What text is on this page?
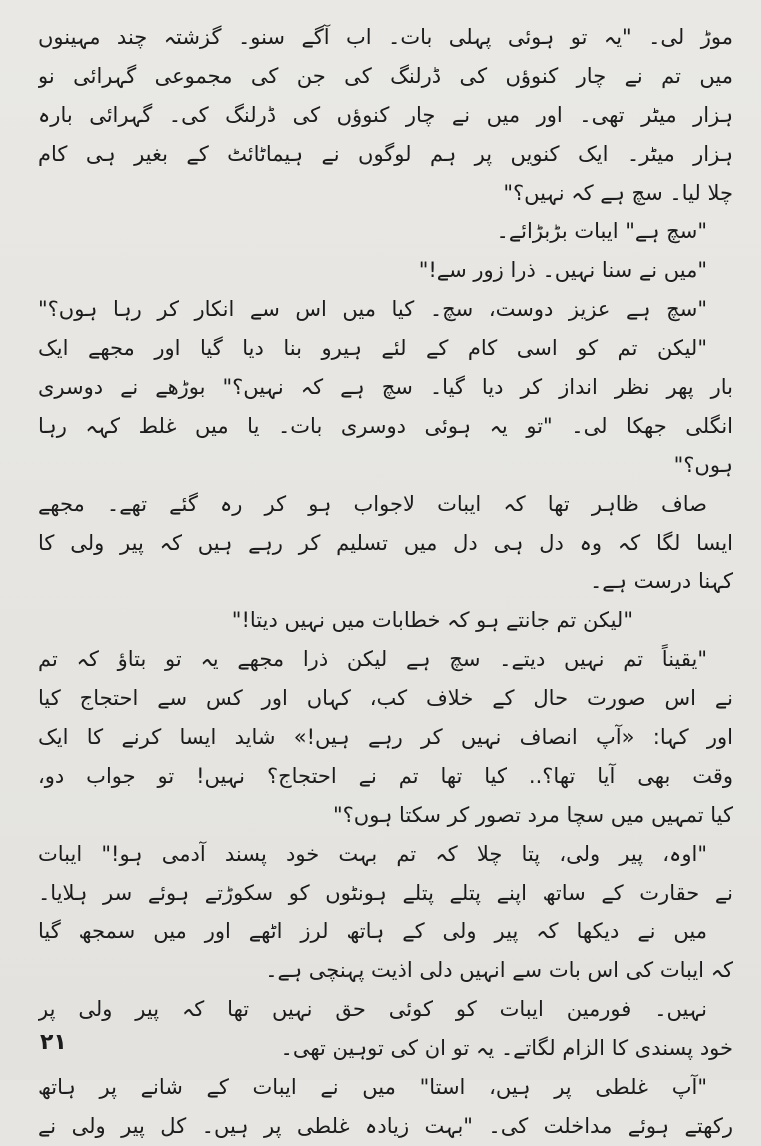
موڑ لی۔ "یہ تو ہوئی پہلی بات۔ اب آگے سنو۔ گزشتہ چند مہینوں
میں تم نے چار کنوؤں کی ڈرلنگ کی جن کی مجموعی گہرائی نو
ہزار میٹر تھی۔ اور میں نے چار کنوؤں کی ڈرلنگ کی۔ گہرائی بارہ
ہزار میٹر۔ ایک کنویں پر ہم لوگوں نے ہیماٹائٹ کے بغیر ہی کام
چلا لیا۔ سچ ہے کہ نہیں؟"
"سچ ہے" ایبات بڑبڑائے۔
"میں نے سنا نہیں۔ ذرا زور سے!"
"سچ ہے عزیز دوست، سچ۔ کیا میں اس سے انکار کر رہا ہوں؟"
"لیکن تم کو اسی کام کے لئے ہیرو بنا دیا گیا اور مجھے ایک
بار پھر نظر انداز کر دیا گیا۔ سچ ہے کہ نہیں؟" بوڑھے نے دوسری
انگلی جھکا لی۔ "تو یہ ہوئی دوسری بات۔ یا میں غلط کہہ رہا
ہوں؟"
صاف ظاہر تھا کہ ایبات لاجواب ہو کر رہ گئے تھے۔ مجھے
ایسا لگا کہ وہ دل ہی دل میں تسلیم کر رہے ہیں کہ پیر ولی کا
کہنا درست ہے۔
"لیکن تم جانتے ہو کہ خطابات میں نہیں دیتا!"
"یقیناً تم نہیں دیتے۔ سچ ہے لیکن ذرا مجھے یہ تو بتاؤ کہ تم
نے اس صورت حال کے خلاف کب، کہاں اور کس سے احتجاج کیا
اور کہا: «آپ انصاف نہیں کر رہے ہیں!» شاید ایسا کرنے کا ایک
وقت بھی آیا تھا؟.. کیا تھا تم نے احتجاج؟ نہیں! تو جواب دو،
کیا تمہیں میں سچا مرد تصور کر سکتا ہوں؟"
"اوہ، پیر ولی، پتا چلا کہ تم بہت خود پسند آدمی ہو!" ایبات
نے حقارت کے ساتھ اپنے پتلے پتلے ہونٹوں کو سکوڑتے ہوئے سر ہلایا۔
میں نے دیکھا کہ پیر ولی کے ہاتھ لرز اٹھے اور میں سمجھ گیا
کہ ایبات کی اس بات سے انہیں دلی اذیت پہنچی ہے۔
نہیں۔ فورمین ایبات کو کوئی حق نہیں تھا کہ پیر ولی پر
خود پسندی کا الزام لگاتے۔ یہ تو ان کی توہین تھی۔
"آپ غلطی پر ہیں، استا" میں نے ایبات کے شانے پر ہاتھ
رکھتے ہوئے مداخلت کی۔ "بہت زیادہ غلطی پر ہیں۔ کل پیر ولی نے
۲۱
